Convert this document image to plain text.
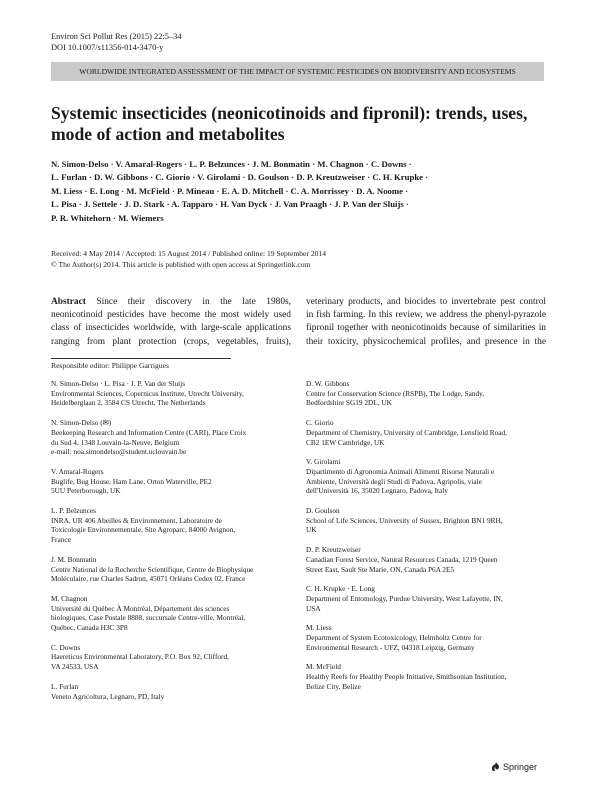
Environ Sci Pollut Res (2015) 22:5–34
DOI 10.1007/s11356-014-3470-y
WORLDWIDE INTEGRATED ASSESSMENT OF THE IMPACT OF SYSTEMIC PESTICIDES ON BIODIVERSITY AND ECOSYSTEMS
Systemic insecticides (neonicotinoids and fipronil): trends, uses,
mode of action and metabolites
N. Simon-Delso · V. Amaral-Rogers · L. P. Belzunces · J. M. Bonmatin · M. Chagnon · C. Downs ·
L. Furlan · D. W. Gibbons · C. Giorio · V. Girolami · D. Goulson · D. P. Kreutzweiser · C. H. Krupke ·
M. Liess · E. Long · M. McField · P. Mineau · E. A. D. Mitchell · C. A. Morrissey · D. A. Noome ·
L. Pisa · J. Settele · J. D. Stark · A. Tapparo · H. Van Dyck · J. Van Praagh · J. P. Van der Sluijs ·
P. R. Whitehorn · M. Wiemers
Received: 4 May 2014 / Accepted: 15 August 2014 / Published online: 19 September 2014
© The Author(s) 2014. This article is published with open access at Springerlink.com
Abstract Since their discovery in the late 1980s,
neonicotinoid pesticides have become the most widely used
class of insecticides worldwide, with large-scale applications
ranging from plant protection (crops, vegetables, fruits),
veterinary products, and biocides to invertebrate pest control
in fish farming. In this review, we address the phenyl-pyrazole
fipronil together with neonicotinoids because of similarities in
their toxicity, physicochemical profiles, and presence in the
Responsible editor: Philippe Garrigues
N. Simon-Delso · L. Pisa · J. P. Van der Sluijs
Environmental Sciences, Copernicus Institute, Utrecht University,
Heidelberglaan 2, 3584 CS Utrecht, The Netherlands
N. Simon-Delso (✉)
Beekeeping Research and Information Centre (CARI), Place Croix
du Sud 4, 1348 Louvain-la-Neuve, Belgium
e-mail: noa.simondelso@student.uclouvain.be
V. Amaral-Rogers
Buglife, Bug House, Ham Lane, Orton Waterville, PE2
5UU Peterborough, UK
L. P. Belzunces
INRA, UR 406 Abeilles & Environnement, Laboratoire de
Toxicologie Environnementale, Site Agroparc, 84000 Avignon,
France
J. M. Bonmatin
Centre National de la Recherche Scientifique, Centre de Biophysique
Moléculaire, rue Charles Sadron, 45071 Orléans Cedex 02, France
M. Chagnon
Université du Québec À Montréal, Département des sciences
biologiques, Case Postale 8888, succursale Centre-ville, Montréal,
Québec, Canada H3C 3P8
C. Downs
Haereticus Environmental Laboratory, P.O. Box 92, Clifford,
VA 24533, USA
L. Furlan
Veneto Agricoltura, Legnaro, PD, Italy
D. W. Gibbons
Centre for Conservation Science (RSPB), The Lodge, Sandy,
Bedfordshire SG19 2DL, UK
C. Giorio
Department of Chemistry, University of Cambridge, Lensfield Road,
CB2 1EW Cambridge, UK
V. Girolami
Dipartimento di Agronomia Animali Alimenti Risorse Naturali e
Ambiente, Università degli Studi di Padova, Agripolis, viale
dell'Università 16, 35020 Legnaro, Padova, Italy
D. Goulson
School of Life Sciences, University of Sussex, Brighton BN1 9RH,
UK
D. P. Kreutzweiser
Canadian Forest Service, Natural Resources Canada, 1219 Queen
Street East, Sault Ste Marie, ON, Canada P6A 2E5
C. H. Krupke · E. Long
Department of Entomology, Purdue University, West Lafayette, IN,
USA
M. Liess
Department of System Ecotoxicology, Helmholtz Centre for
Environmental Research - UFZ, 04318 Leipzig, Germany
M. McField
Healthy Reefs for Healthy People Initiative, Smithsonian Institution,
Belize City, Belize
Springer
